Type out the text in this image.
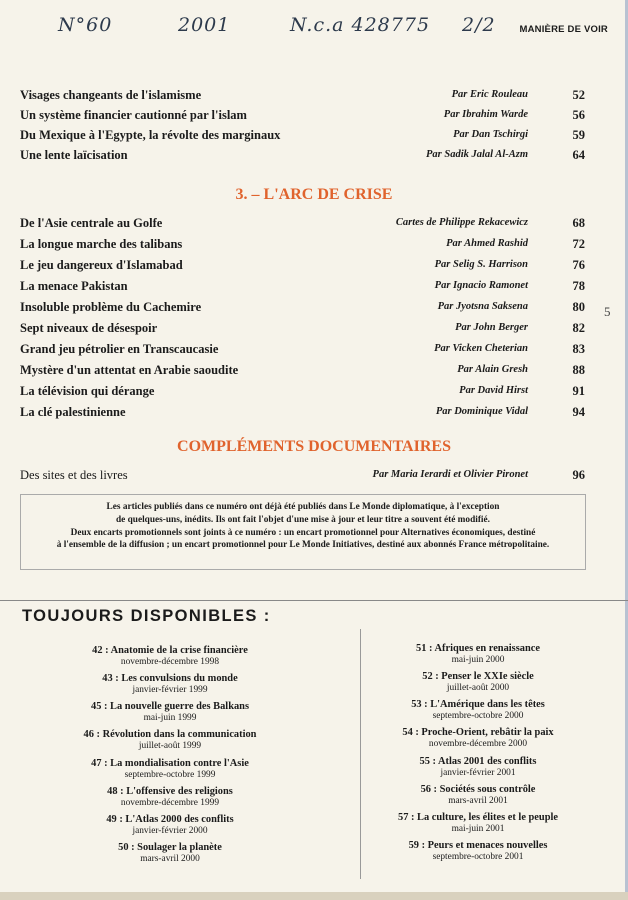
N°60	2001	N.c.a 428775 2/2	MANIÈRE DE VOIR
Visages changeants de l'islamisme	Par Eric Rouleau	52
Un système financier cautionné par l'islam	Par Ibrahim Warde	56
Du Mexique à l'Egypte, la révolte des marginaux	Par Dan Tschirgi	59
Une lente laïcisation	Par Sadik Jalal Al-Azm	64
3. – L'ARC DE CRISE
De l'Asie centrale au Golfe	Cartes de Philippe Rekacewicz	68
La longue marche des talibans	Par Ahmed Rashid	72
Le jeu dangereux d'Islamabad	Par Selig S. Harrison	76
La menace Pakistan	Par Ignacio Ramonet	78
Insoluble problème du Cachemire	Par Jyotsna Saksena	80
Sept niveaux de désespoir	Par John Berger	82
Grand jeu pétrolier en Transcaucasie	Par Vicken Cheterian	83
Mystère d'un attentat en Arabie saoudite	Par Alain Gresh	88
La télévision qui dérange	Par David Hirst	91
La clé palestinienne	Par Dominique Vidal	94
5
COMPLÉMENTS DOCUMENTAIRES
Des sites et des livres	Par Maria Ierardi et Olivier Pironet	96
Les articles publiés dans ce numéro ont déjà été publiés dans Le Monde diplomatique, à l'exception
de quelques-uns, inédits. Ils ont fait l'objet d'une mise à jour et leur titre a souvent été modifié.
Deux encarts promotionnels sont joints à ce numéro : un encart promotionnel pour Alternatives économiques, destiné
à l'ensemble de la diffusion ; un encart promotionnel pour Le Monde Initiatives, destiné aux abonnés France métropolitaine.
TOUJOURS DISPONIBLES :
42 : Anatomie de la crise financière
novembre-décembre 1998
43 : Les convulsions du monde
janvier-février 1999
45 : La nouvelle guerre des Balkans
mai-juin 1999
46 : Révolution dans la communication
juillet-août 1999
47 : La mondialisation contre l'Asie
septembre-octobre 1999
48 : L'offensive des religions
novembre-décembre 1999
49 : L'Atlas 2000 des conflits
janvier-février 2000
50 : Soulager la planète
mars-avril 2000
51 : Afriques en renaissance
mai-juin 2000
52 : Penser le XXIe siècle
juillet-août 2000
53 : L'Amérique dans les têtes
septembre-octobre 2000
54 : Proche-Orient, rebâtir la paix
novembre-décembre 2000
55 : Atlas 2001 des conflits
janvier-février 2001
56 : Sociétés sous contrôle
mars-avril 2001
57 : La culture, les élites et le peuple
mai-juin 2001
59 : Peurs et menaces nouvelles
septembre-octobre 2001
